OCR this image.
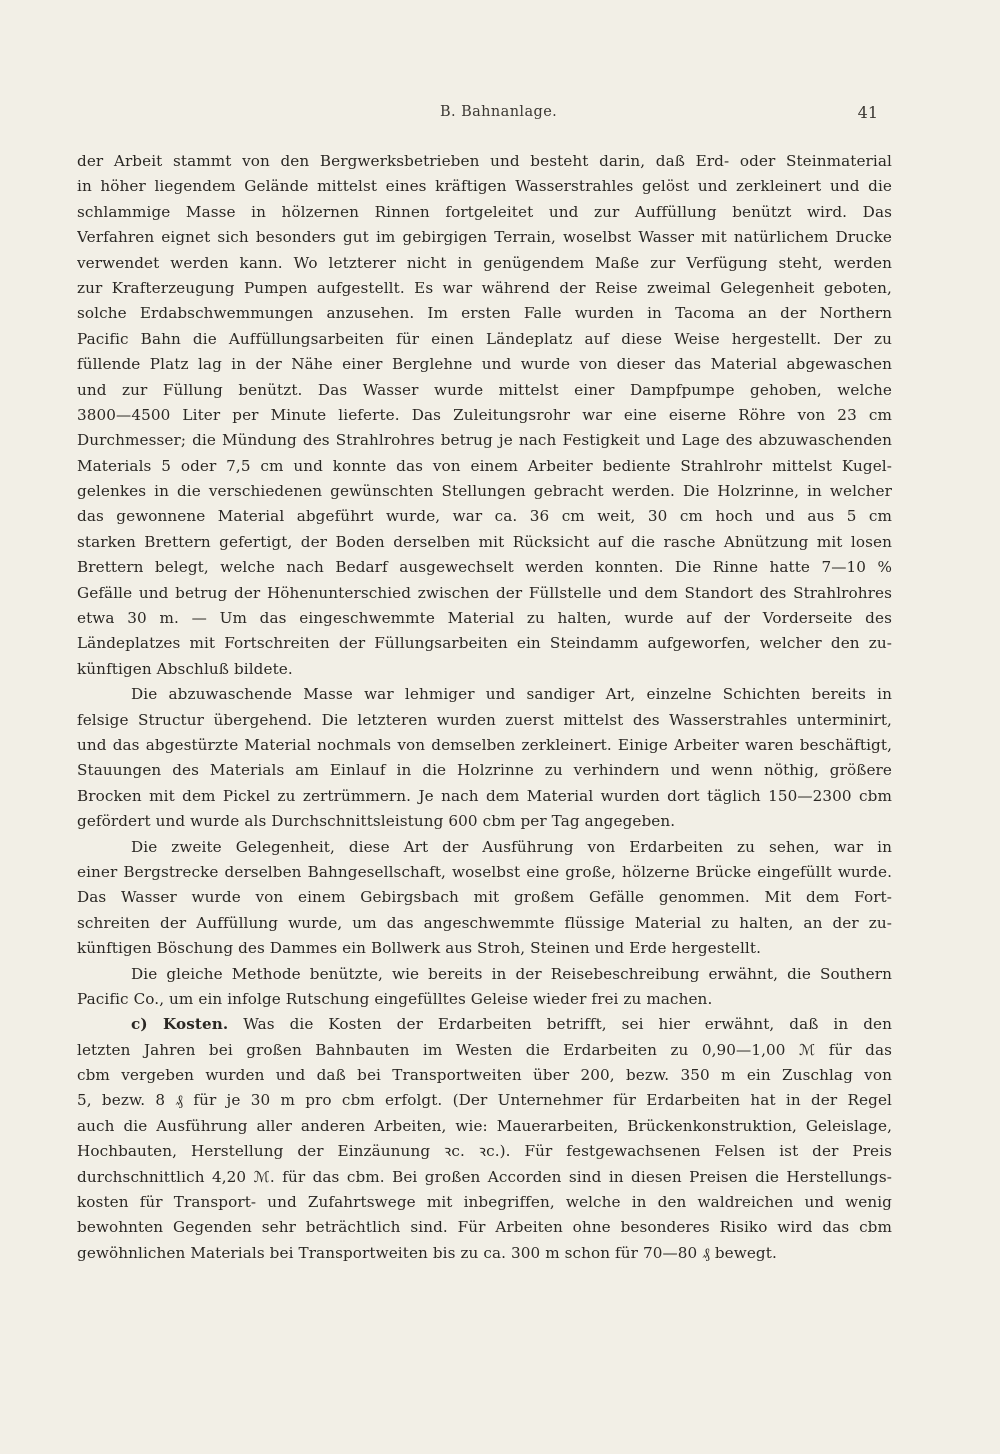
B. Bahnanlage.	41
der Arbeit stammt von den Bergwerksbetrieben und besteht darin, daß Erd- oder Steinmaterial
in höher liegendem Gelände mittelst eines kräftigen Wasserstrahles gelöst und zerkleinert und die
schlammige Masse in hölzernen Rinnen fortgeleitet und zur Auffüllung benützt wird. Das
Verfahren eignet sich besonders gut im gebirgigen Terrain, woselbst Wasser mit natürlichem Drucke
verwendet werden kann. Wo letzterer nicht in genügendem Maße zur Verfügung steht, werden
zur Krafterzeugung Pumpen aufgestellt. Es war während der Reise zweimal Gelegenheit geboten,
solche Erdabschwemmungen anzusehen. Im ersten Falle wurden in Tacoma an der Northern
Pacific Bahn die Auffüllungsarbeiten für einen Ländeplatz auf diese Weise hergestellt. Der zu
füllende Platz lag in der Nähe einer Berglehne und wurde von dieser das Material abgewaschen
und zur Füllung benützt. Das Wasser wurde mittelst einer Dampfpumpe gehoben, welche
3800—4500 Liter per Minute lieferte. Das Zuleitungsrohr war eine eiserne Röhre von 23 cm
Durchmesser; die Mündung des Strahlrohres betrug je nach Festigkeit und Lage des abzuwaschenden
Materials 5 oder 7,5 cm und konnte das von einem Arbeiter bediente Strahlrohr mittelst Kugel-
gelenkes in die verschiedenen gewünschten Stellungen gebracht werden. Die Holzrinne, in welcher
das gewonnene Material abgeführt wurde, war ca. 36 cm weit, 30 cm hoch und aus 5 cm
starken Brettern gefertigt, der Boden derselben mit Rücksicht auf die rasche Abnützung mit losen
Brettern belegt, welche nach Bedarf ausgewechselt werden konnten. Die Rinne hatte 7—10 %
Gefälle und betrug der Höhenunterschied zwischen der Füllstelle und dem Standort des Strahlrohres
etwa 30 m. — Um das eingeschwemmte Material zu halten, wurde auf der Vorderseite des
Ländeplatzes mit Fortschreiten der Füllungsarbeiten ein Steindamm aufgeworfen, welcher den zu-
künftigen Abschluß bildete.
Die abzuwaschende Masse war lehmiger und sandiger Art, einzelne Schichten bereits in
felsige Structur übergehend. Die letzteren wurden zuerst mittelst des Wasserstrahles unterminirt,
und das abgestürzte Material nochmals von demselben zerkleinert. Einige Arbeiter waren beschäftigt,
Stauungen des Materials am Einlauf in die Holzrinne zu verhindern und wenn nöthig, größere
Brocken mit dem Pickel zu zertrümmern. Je nach dem Material wurden dort täglich 150—2300 cbm
gefördert und wurde als Durchschnittsleistung 600 cbm per Tag angegeben.
Die zweite Gelegenheit, diese Art der Ausführung von Erdarbeiten zu sehen, war in
einer Bergstrecke derselben Bahngesellschaft, woselbst eine große, hölzerne Brücke eingefüllt wurde.
Das Wasser wurde von einem Gebirgsbach mit großem Gefälle genommen. Mit dem Fort-
schreiten der Auffüllung wurde, um das angeschwemmte flüssige Material zu halten, an der zu-
künftigen Böschung des Dammes ein Bollwerk aus Stroh, Steinen und Erde hergestellt.
Die gleiche Methode benützte, wie bereits in der Reisebeschreibung erwähnt, die Southern
Pacific Co., um ein infolge Rutschung eingefülltes Geleise wieder frei zu machen.
c) Kosten. Was die Kosten der Erdarbeiten betrifft, sei hier erwähnt, daß in den
letzten Jahren bei großen Bahnbauten im Westen die Erdarbeiten zu 0,90—1,00 ℳ für das
cbm vergeben wurden und daß bei Transportweiten über 200, bezw. 350 m ein Zuschlag von
5, bezw. 8 ₰ für je 30 m pro cbm erfolgt. (Der Unternehmer für Erdarbeiten hat in der Regel
auch die Ausführung aller anderen Arbeiten, wie: Mauerarbeiten, Brückenkonstruktion, Geleislage,
Hochbauten, Herstellung der Einzäunung ꝛc. ꝛc.). Für festgewachsenen Felsen ist der Preis
durchschnittlich 4,20 ℳ. für das cbm. Bei großen Accorden sind in diesen Preisen die Herstellungs-
kosten für Transport- und Zufahrtswege mit inbegriffen, welche in den waldreichen und wenig
bewohnten Gegenden sehr beträchtlich sind. Für Arbeiten ohne besonderes Risiko wird das cbm
gewöhnlichen Materials bei Transportweiten bis zu ca. 300 m schon für 70—80 ₰ bewegt.
